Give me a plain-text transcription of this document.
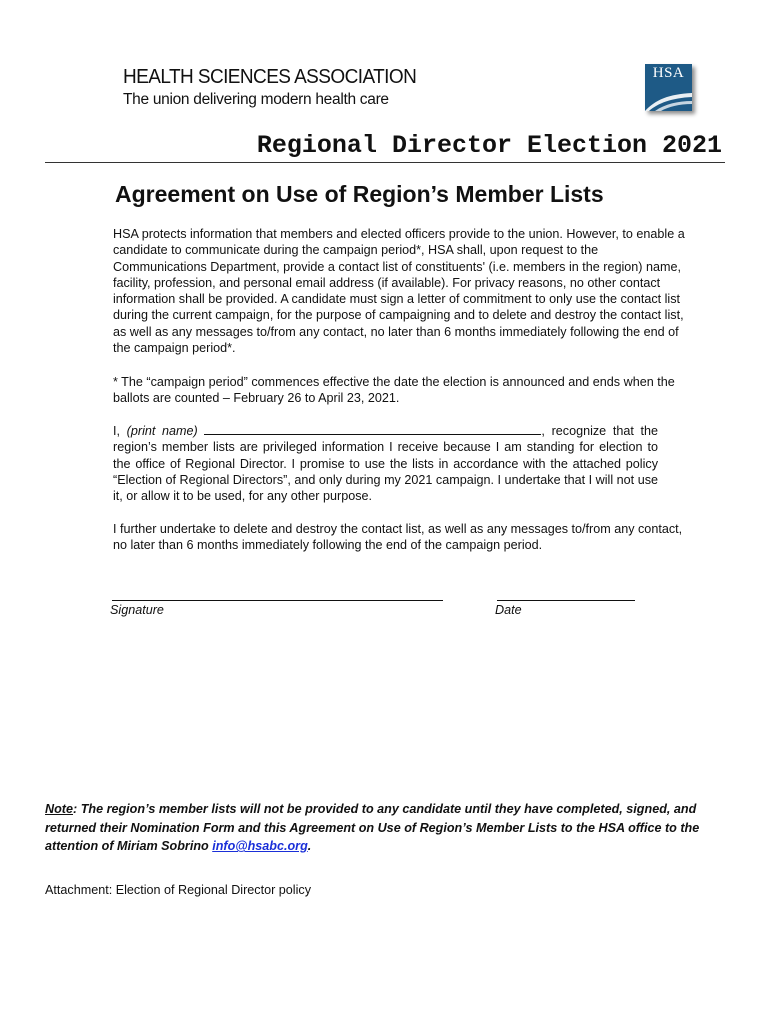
HEALTH SCIENCES ASSOCIATION
The union delivering modern health care
HSA
Regional Director Election 2021
Agreement on Use of Region’s Member Lists

HSA protects information that members and elected officers provide to the union. However, to enable a candidate to communicate during the campaign period*, HSA shall, upon request to the Communications Department, provide a contact list of constituents' (i.e. members in the region) name, facility, profession, and personal email address (if available). For privacy reasons, no other contact information shall be provided. A candidate must sign a letter of commitment to only use the contact list during the current campaign, for the purpose of campaigning and to delete and destroy the contact list, as well as any messages to/from any contact, no later than 6 months immediately following the end of the campaign period*.

* The “campaign period” commences effective the date the election is announced and ends when the ballots are counted – February 26 to April 23, 2021.

I, (print name)	, recognize that the region’s member lists are privileged information I receive because I am standing for election to the office of Regional Director. I promise to use the lists in accordance with the attached policy “Election of Regional Directors”, and only during my 2021 campaign. I undertake that I will not use it, or allow it to be used, for any other purpose.

I further undertake to delete and destroy the contact list, as well as any messages to/from any contact, no later than 6 months immediately following the end of the campaign period.

Signature	Date
Note: The region’s member lists will not be provided to any candidate until they have completed, signed, and returned their Nomination Form and this Agreement on Use of Region’s Member Lists to the HSA office to the attention of Miriam Sobrino info@hsabc.org.
Attachment: Election of Regional Director policy
